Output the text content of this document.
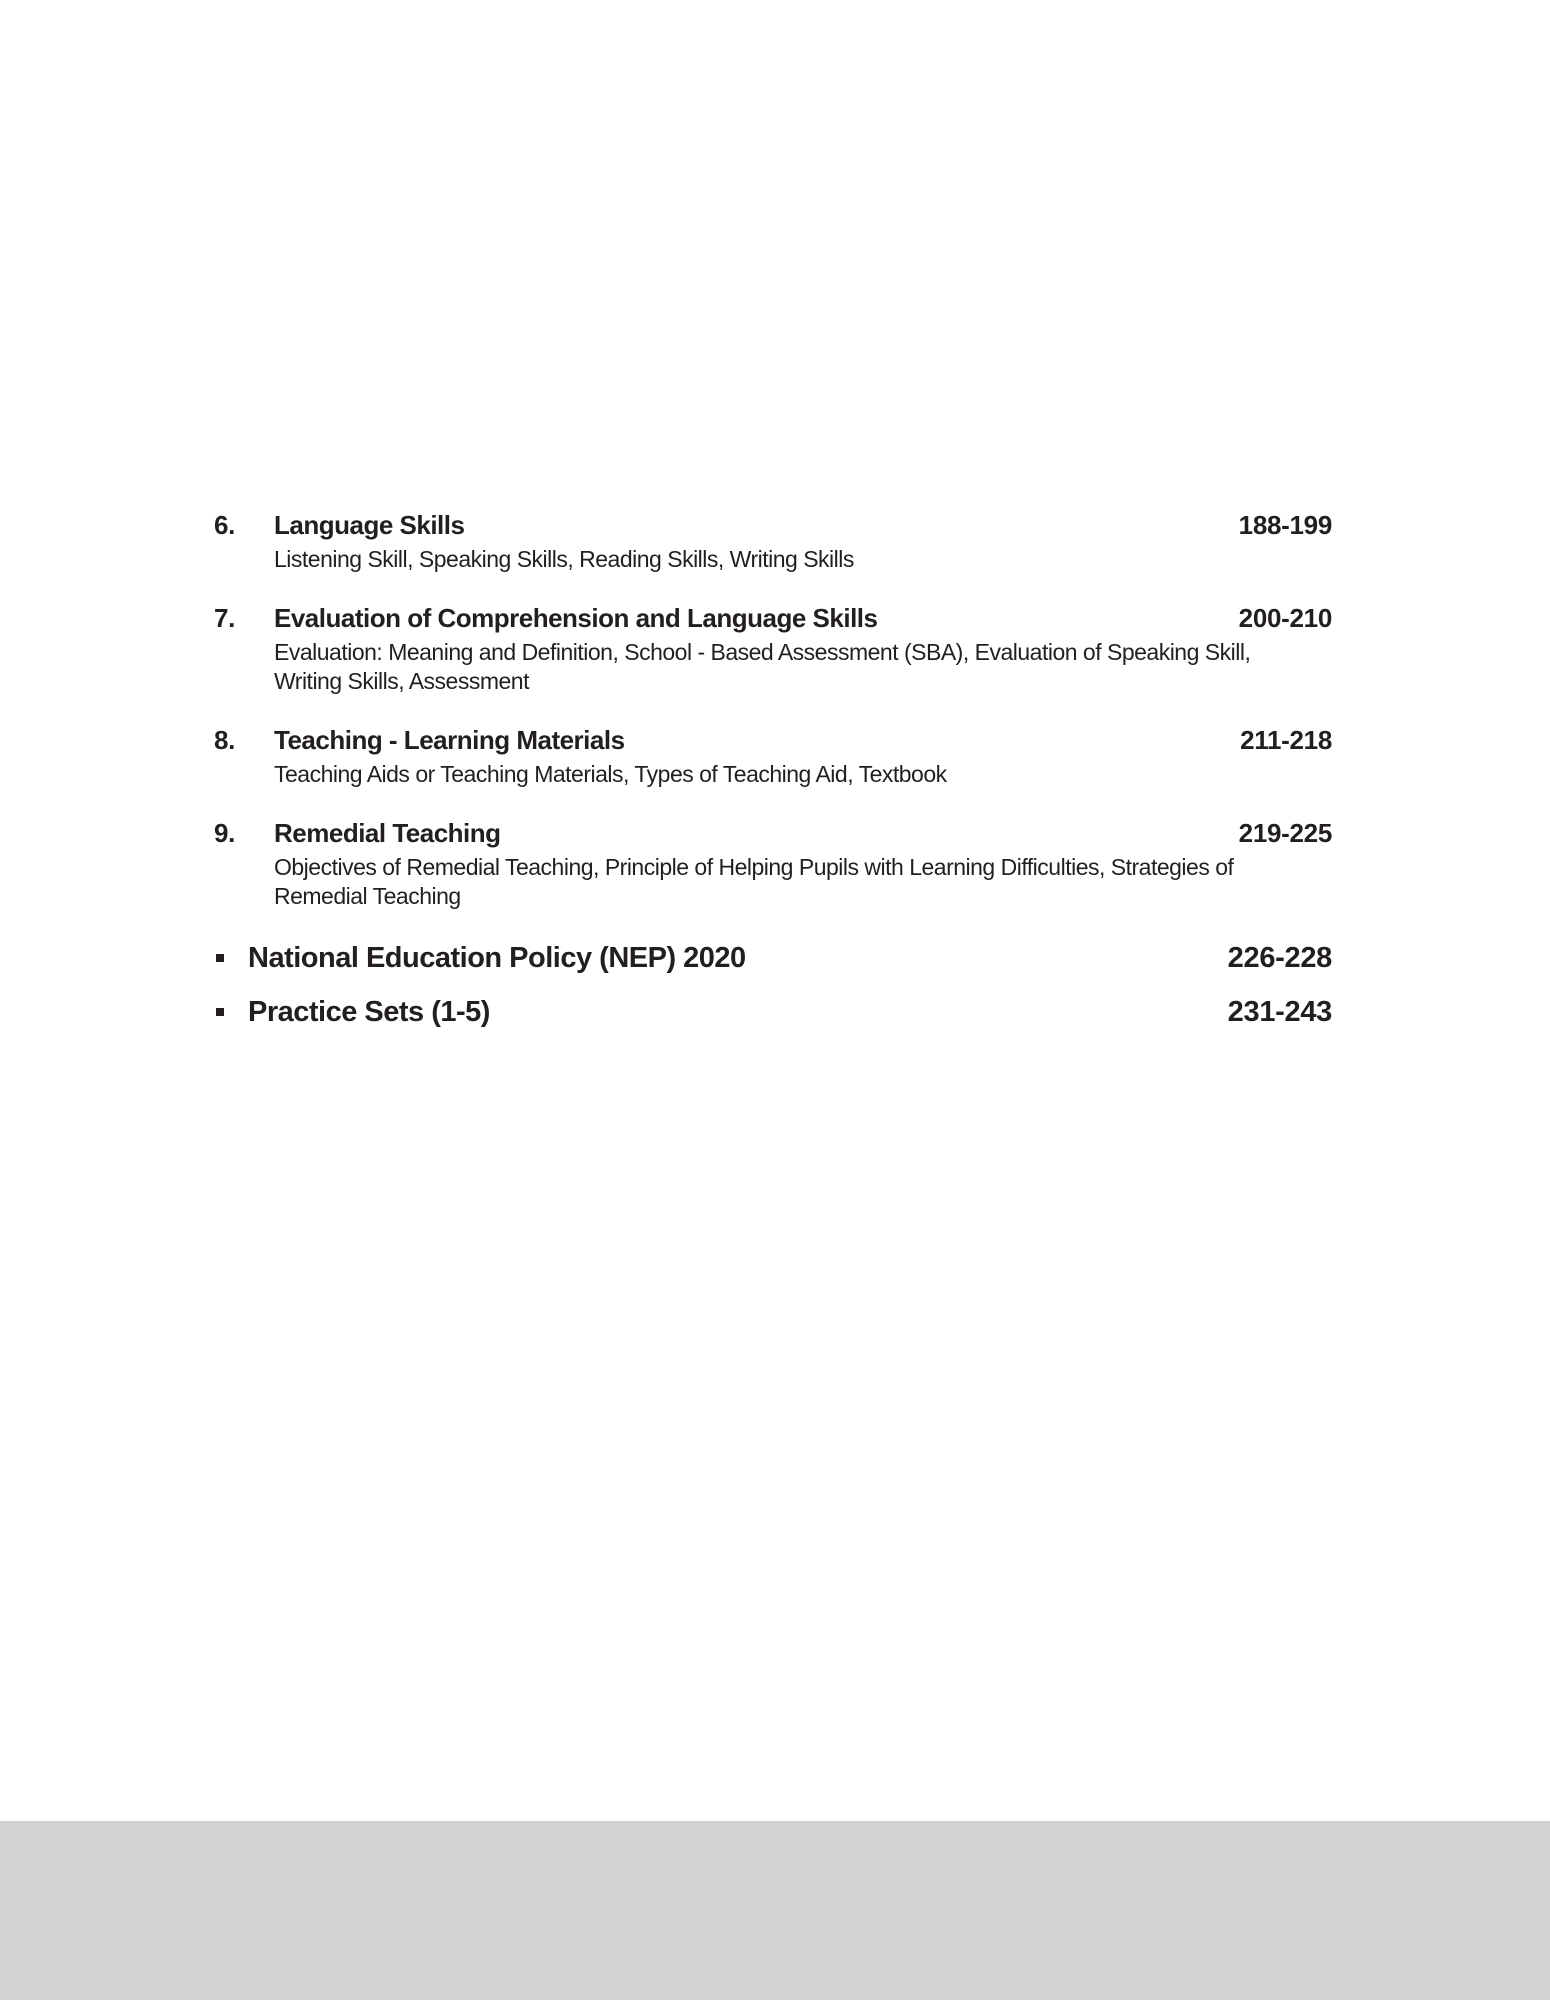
6. Language Skills	188-199
Listening Skill, Speaking Skills, Reading Skills, Writing Skills
7. Evaluation of Comprehension and Language Skills	200-210
Evaluation: Meaning and Definition, School - Based Assessment (SBA), Evaluation of Speaking Skill, Writing Skills, Assessment
8. Teaching - Learning Materials	211-218
Teaching Aids or Teaching Materials, Types of Teaching Aid, Textbook
9. Remedial Teaching	219-225
Objectives of Remedial Teaching, Principle of Helping Pupils with Learning Difficulties, Strategies of Remedial Teaching
National Education Policy (NEP) 2020	226-228
Practice Sets (1-5)	231-243
